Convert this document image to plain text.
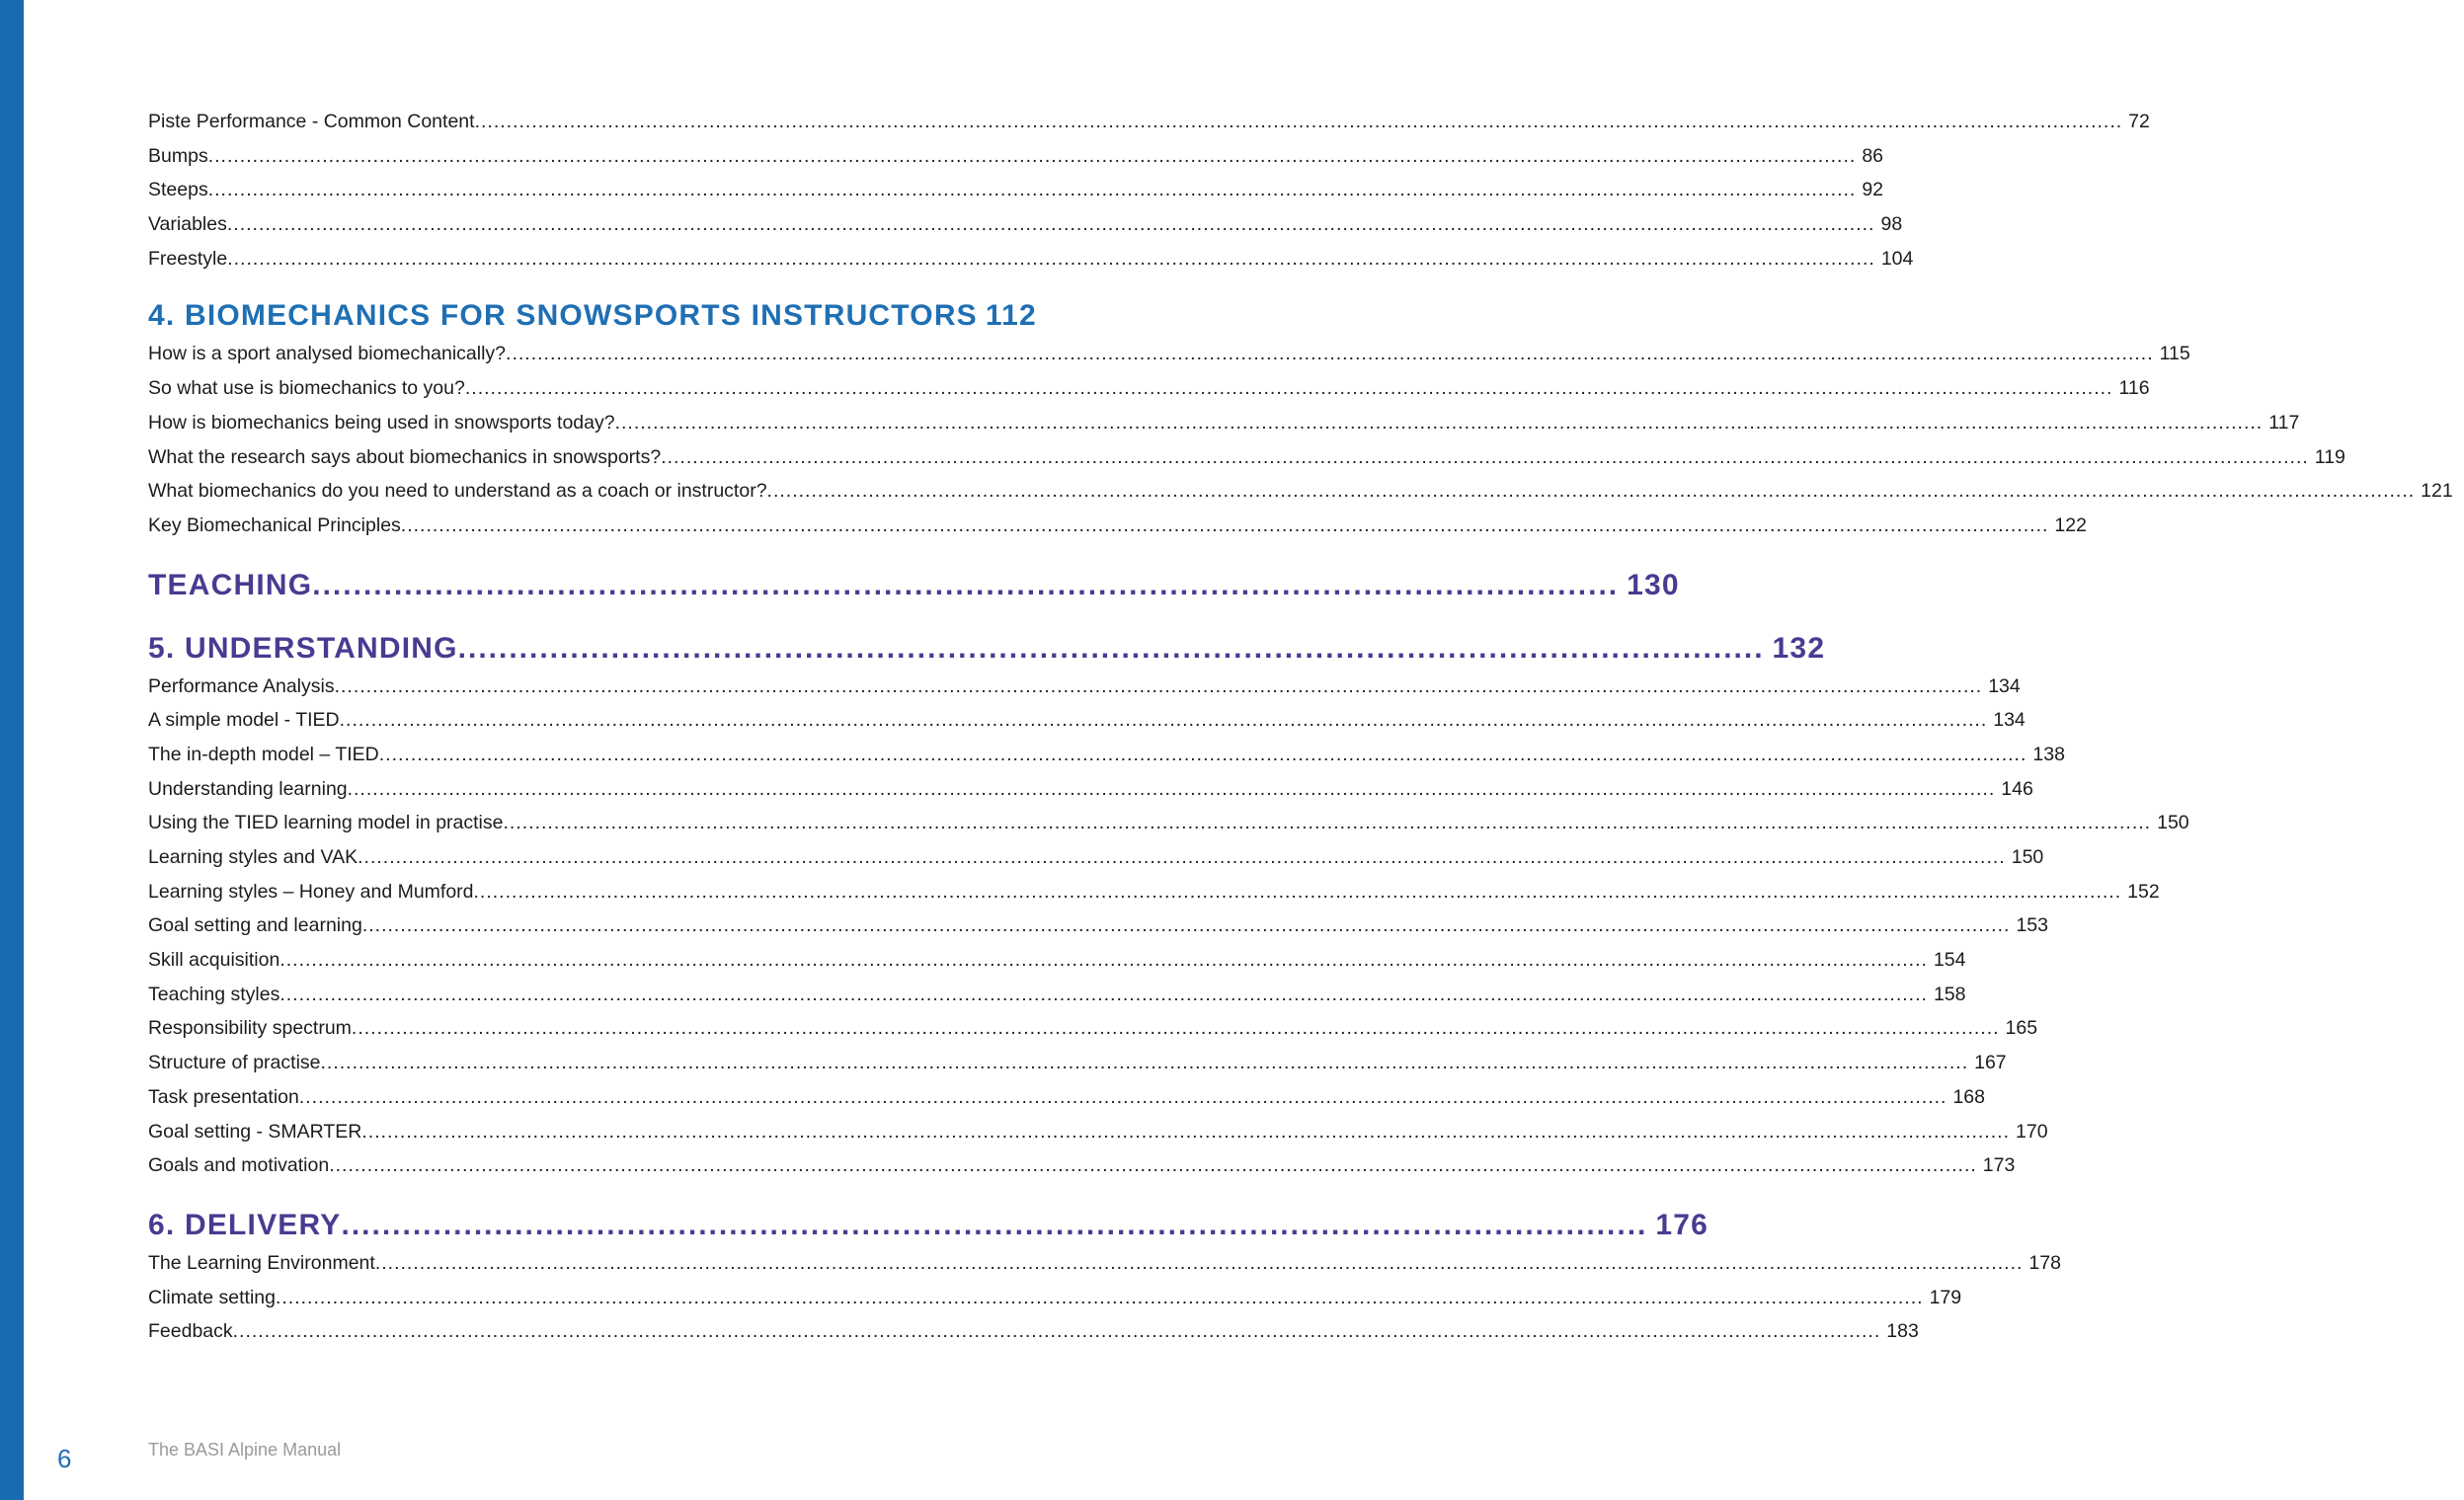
Piste Performance - Common Content .................................................................................................................................................................................................................................................................... 72
Bumps .................................................................................................................................................................................................................................................................... 86
Steeps .................................................................................................................................................................................................................................................................... 92
Variables .................................................................................................................................................................................................................................................................... 98
Freestyle .................................................................................................................................................................................................................................................................... 104
4. BIOMECHANICS FOR SNOWSPORTS INSTRUCTORS 112
How is a sport analysed biomechanically? .................................................................................................................................................................................................................................................................... 115
So what use is biomechanics to you? .................................................................................................................................................................................................................................................................... 116
How is biomechanics being used in snowsports today? .................................................................................................................................................................................................................................................................... 117
What the research says about biomechanics in snowsports? .................................................................................................................................................................................................................................................................... 119
What biomechanics do you need to understand as a coach or instructor? .................................................................................................................................................................................................................................................................... 121
Key Biomechanical Principles .................................................................................................................................................................................................................................................................... 122
TEACHING ................................................................................................................................ 130
5. UNDERSTANDING ................................................................................................................................ 132
Performance Analysis .................................................................................................................................................................................................................................................................... 134
A simple model - TIED .................................................................................................................................................................................................................................................................... 134
The in-depth model – TIED .................................................................................................................................................................................................................................................................... 138
Understanding learning .................................................................................................................................................................................................................................................................... 146
Using the TIED learning model in practise .................................................................................................................................................................................................................................................................... 150
Learning styles and VAK .................................................................................................................................................................................................................................................................... 150
Learning styles – Honey and Mumford .................................................................................................................................................................................................................................................................... 152
Goal setting and learning .................................................................................................................................................................................................................................................................... 153
Skill acquisition .................................................................................................................................................................................................................................................................... 154
Teaching styles .................................................................................................................................................................................................................................................................... 158
Responsibility spectrum .................................................................................................................................................................................................................................................................... 165
Structure of practise .................................................................................................................................................................................................................................................................... 167
Task presentation .................................................................................................................................................................................................................................................................... 168
Goal setting - SMARTER .................................................................................................................................................................................................................................................................... 170
Goals and motivation .................................................................................................................................................................................................................................................................... 173
6. DELIVERY ................................................................................................................................ 176
The Learning Environment .................................................................................................................................................................................................................................................................... 178
Climate setting .................................................................................................................................................................................................................................................................... 179
Feedback .................................................................................................................................................................................................................................................................... 183
6	The BASI Alpine Manual
